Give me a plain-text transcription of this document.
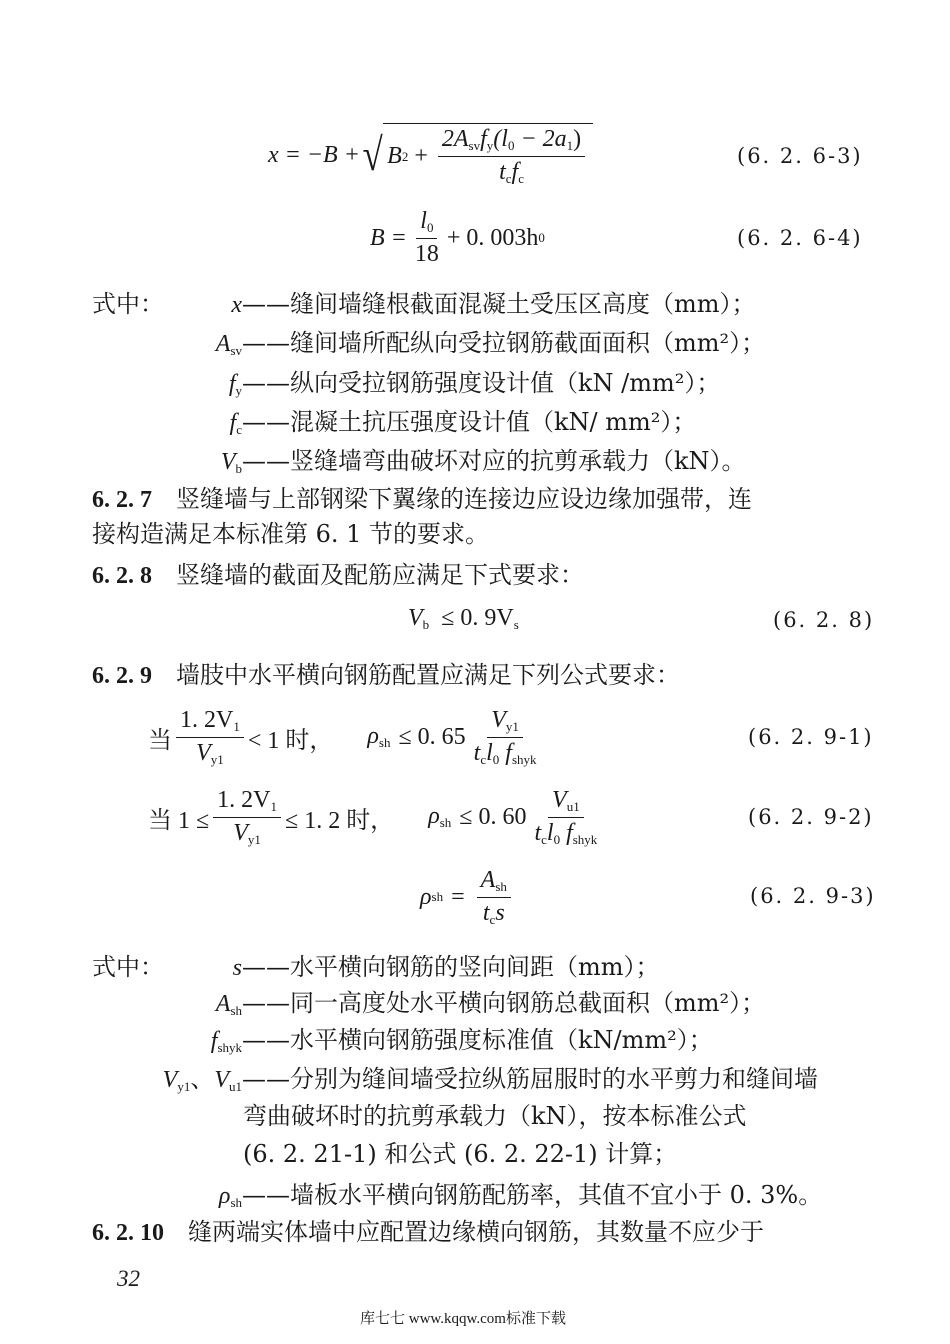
x = −B + √ B $2 + \frac{2A_{sv}f_y(l_0 - 2a_1)}{t_cf_c}$	(6. 2. 6-3)
$B = \frac{l_0}{18} + 0$. 003h 0	(6. 2. 6-4)
式中：	x——缝间墙缝根截面混凝土受压区高度（mm）；
$A_{sv}——$缝间墙所配纵向受拉钢筋截面面积（mm²）；
$f_y——$纵向受拉钢筋强度设计值（kN /mm²）；
$f_c——$混凝土抗压强度设计值（kN/ mm²）；
$V_b——$竖缝墙弯曲破坏对应的抗剪承载力（kN）。
6. 2. 7 竖缝墙与上部钢梁下翼缘的连接边应设边缘加强带，连
接构造满足本标准第 6. 1 节的要求。
6. 2. 8 竖缝墙的截面及配筋应满足下式要求：
$V_b \le 0$. $9V_s$	(6. 2. 8)
6. 2. 9 墙肢中水平横向钢筋配置应满足下列公式要求：
当 $\frac{1. 2V_1}{V_{y1}} < 1$ 时， $\rho_{sh} \le 0$. $65 \frac{V_{y1}}{t_cl_0 f_{shyk}}$	(6. 2. 9-1)
当 $1 \le \frac{1. 2V_1}{V_{y1}} \le 1$. 2 时， $\rho_{sh} \le 0$. $60 \frac{V_{u1}}{t_cl_0 f_{shyk}}$	(6. 2. 9-2)
ρ sh = $\frac{A_{sh}}{t_cs}$	(6. 2. 9-3)
式中：	s——水平横向钢筋的竖向间距（mm）；
$A_{sh}——$同一高度处水平横向钢筋总截面积（mm²）；
$f_{shyk}——$水平横向钢筋强度标准值（kN/mm²）；
$V_{y1}$、$V_{u1}——$分别为缝间墙受拉纵筋屈服时的水平剪力和缝间墙
弯曲破坏时的抗剪承载力（kN），按本标准公式
(6. 2. 21-1) 和公式 (6. 2. 22-1) 计算；
$\rho_{sh}——$墙板水平横向钢筋配筋率，其值不宜小于 0. 3%。
6. 2. 10 缝两端实体墙中应配置边缘横向钢筋，其数量不应少于
32
库七七 www.kqqw.com标准下载
